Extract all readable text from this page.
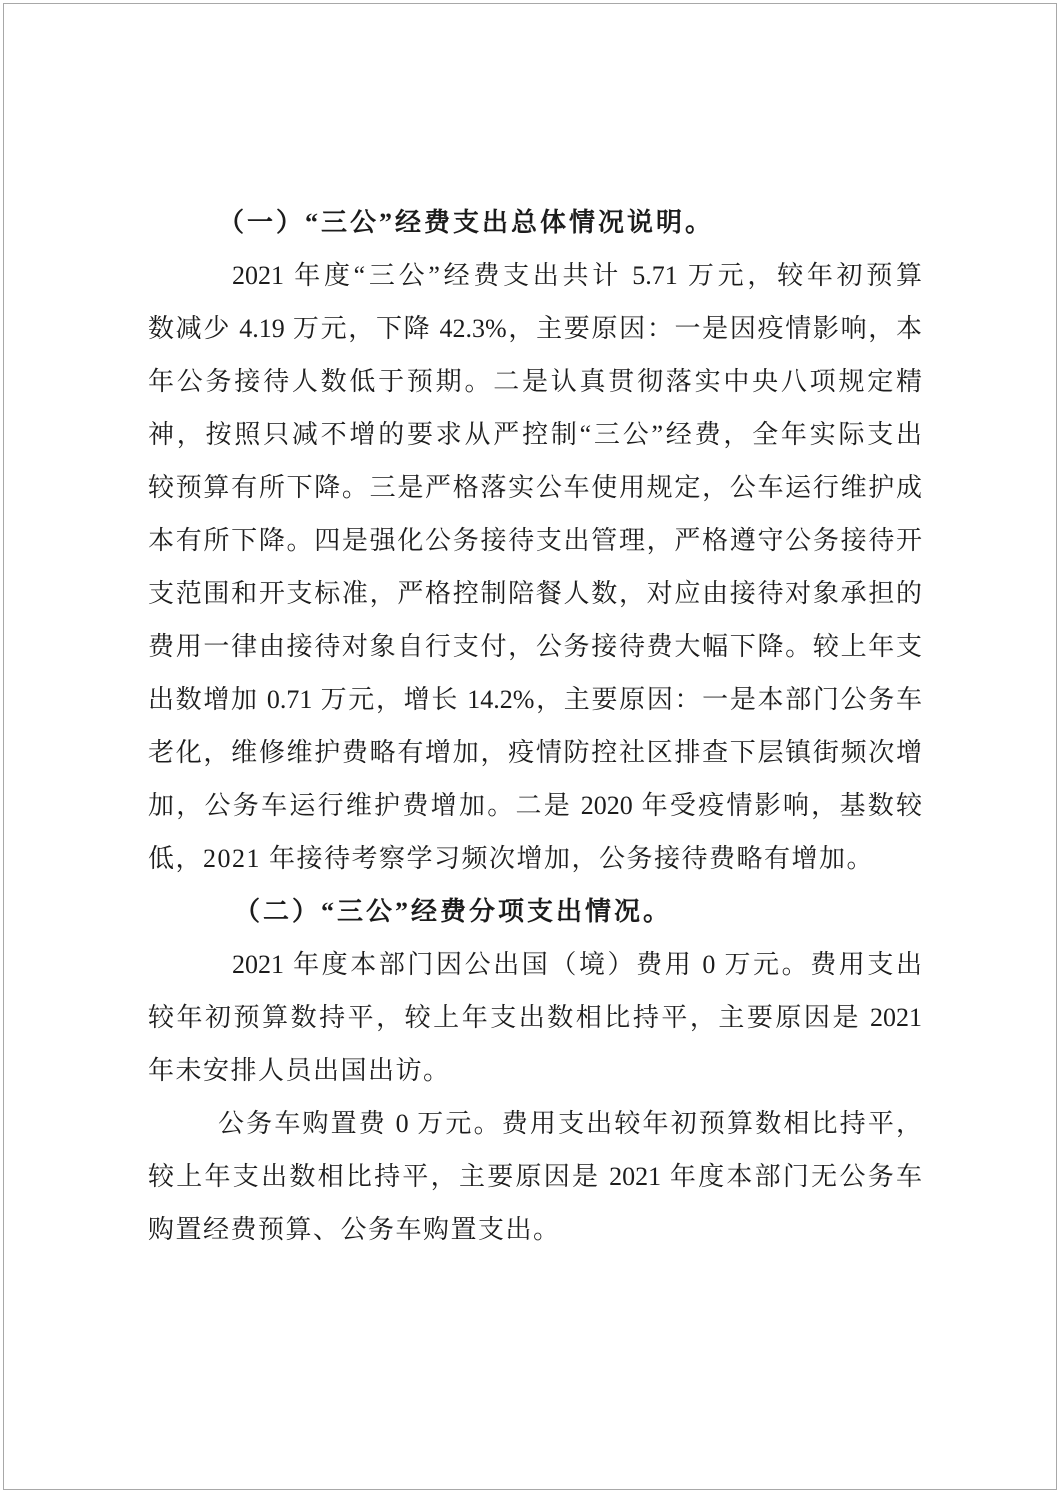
（一）“三公”经费支出总体情况说明。
2021 年度“三公”经费支出共计 5.71 万元，较年初预算
数减少 4.19 万元，下降 42.3%，主要原因：一是因疫情影响，本
年公务接待人数低于预期。二是认真贯彻落实中央八项规定精
神，按照只减不增的要求从严控制“三公”经费，全年实际支出
较预算有所下降。三是严格落实公车使用规定，公车运行维护成
本有所下降。四是强化公务接待支出管理，严格遵守公务接待开
支范围和开支标准，严格控制陪餐人数，对应由接待对象承担的
费用一律由接待对象自行支付，公务接待费大幅下降。较上年支
出数增加 0.71 万元，增长 14.2%，主要原因：一是本部门公务车
老化，维修维护费略有增加，疫情防控社区排查下层镇街频次增
加，公务车运行维护费增加。二是 2020 年受疫情影响，基数较
低，2021 年接待考察学习频次增加，公务接待费略有增加。
（二）“三公”经费分项支出情况。
2021 年度本部门因公出国（境）费用 0 万元。费用支出
较年初预算数持平，较上年支出数相比持平，主要原因是 2021
年未安排人员出国出访。
公务车购置费 0 万元。费用支出较年初预算数相比持平，
较上年支出数相比持平，主要原因是 2021 年度本部门无公务车
购置经费预算、公务车购置支出。
